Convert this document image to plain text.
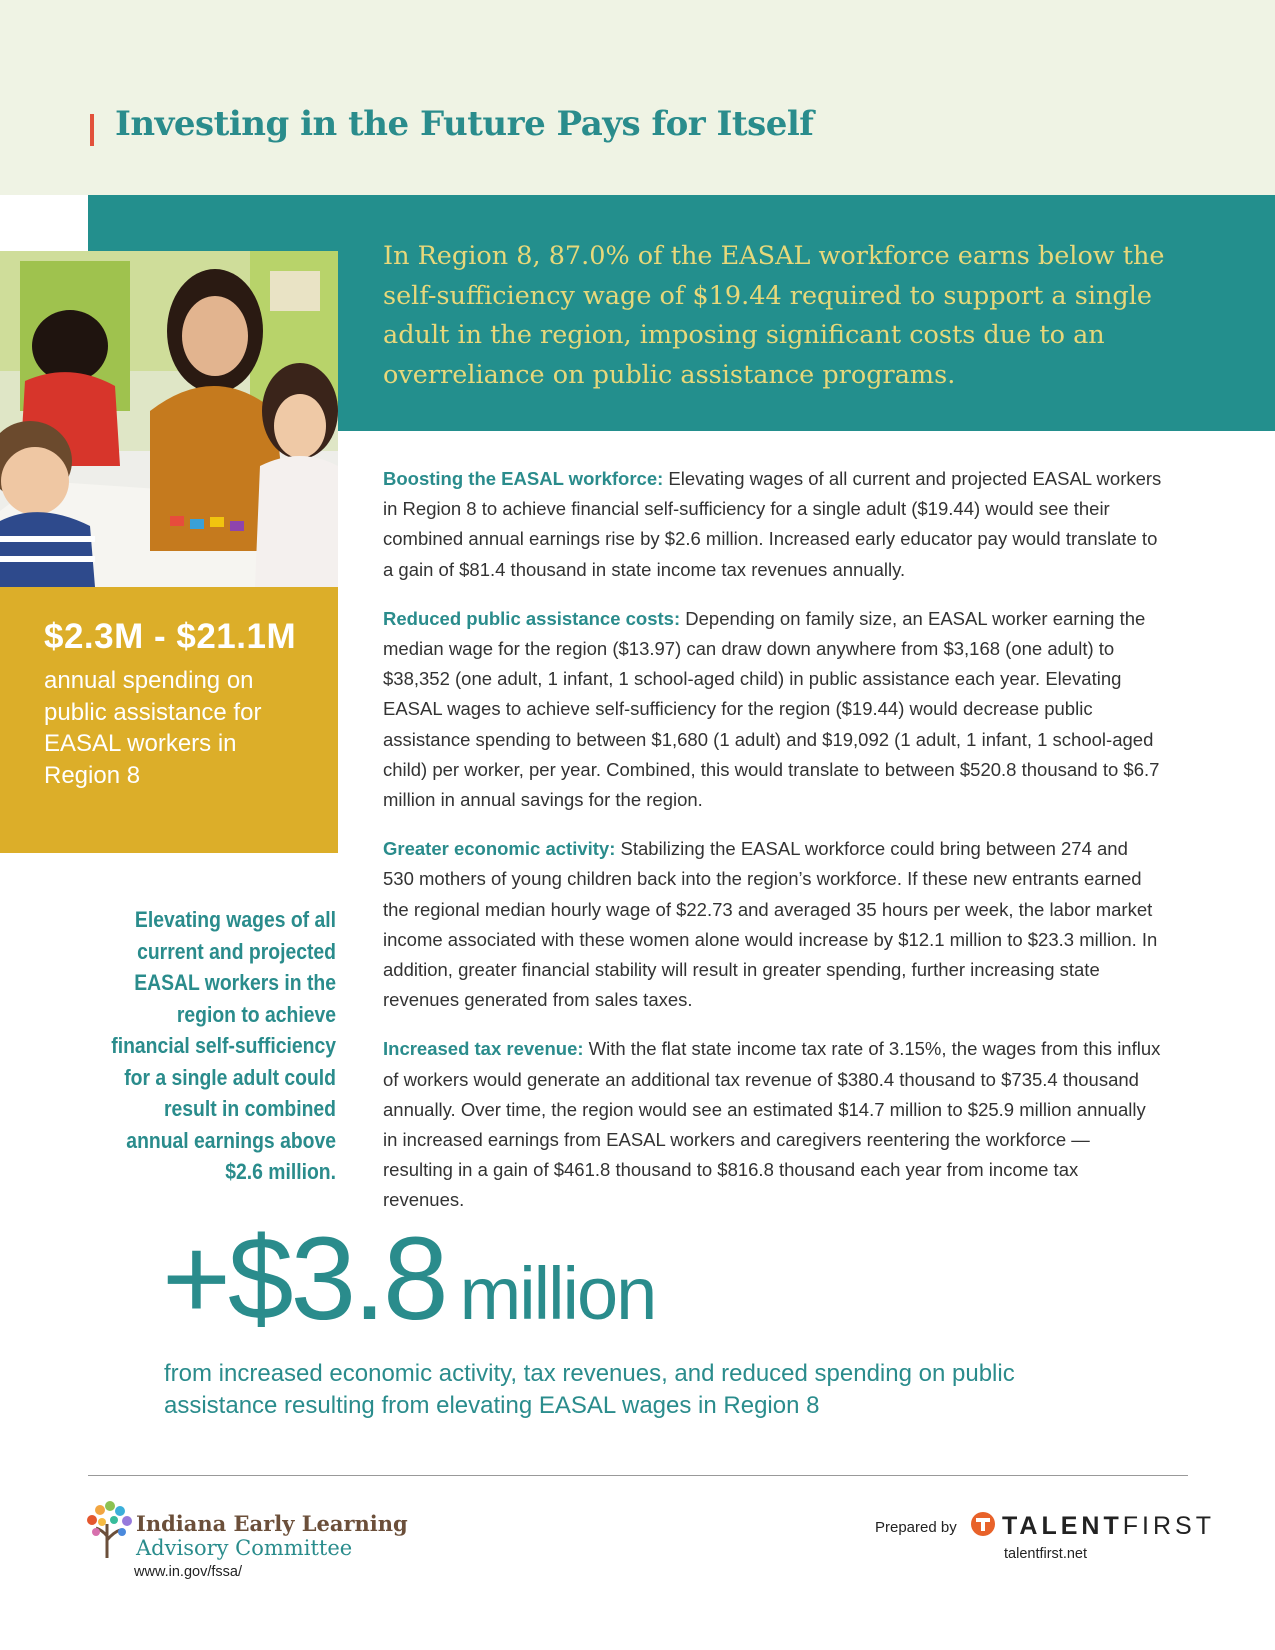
Investing in the Future Pays for Itself

In Region 8, 87.0% of the EASAL workforce earns below the self-sufficiency wage of $19.44 required to support a single adult in the region, imposing significant costs due to an overreliance on public assistance programs.

$2.3M - $21.1M
annual spending on public assistance for EASAL workers in Region 8

Elevating wages of all current and projected EASAL workers in the region to achieve financial self-sufficiency for a single adult could result in combined annual earnings above $2.6 million.

Boosting the EASAL workforce: Elevating wages of all current and projected EASAL workers in Region 8 to achieve financial self-sufficiency for a single adult ($19.44) would see their combined annual earnings rise by $2.6 million. Increased early educator pay would translate to a gain of $81.4 thousand in state income tax revenues annually.

Reduced public assistance costs: Depending on family size, an EASAL worker earning the median wage for the region ($13.97) can draw down anywhere from $3,168 (one adult) to $38,352 (one adult, 1 infant, 1 school-aged child) in public assistance each year. Elevating EASAL wages to achieve self-sufficiency for the region ($19.44) would decrease public assistance spending to between $1,680 (1 adult) and $19,092 (1 adult, 1 infant, 1 school-aged child) per worker, per year. Combined, this would translate to between $520.8 thousand to $6.7 million in annual savings for the region.

Greater economic activity: Stabilizing the EASAL workforce could bring between 274 and 530 mothers of young children back into the region’s workforce. If these new entrants earned the regional median hourly wage of $22.73 and averaged 35 hours per week, the labor market income associated with these women alone would increase by $12.1 million to $23.3 million. In addition, greater financial stability will result in greater spending, further increasing state revenues generated from sales taxes.

Increased tax revenue: With the flat state income tax rate of 3.15%, the wages from this influx of workers would generate an additional tax revenue of $380.4 thousand to $735.4 thousand annually. Over time, the region would see an estimated $14.7 million to $25.9 million annually in increased earnings from EASAL workers and caregivers reentering the workforce — resulting in a gain of $461.8 thousand to $816.8 thousand each year from income tax revenues.

+$3.8 million

from increased economic activity, tax revenues, and reduced spending on public assistance resulting from elevating EASAL wages in Region 8

Indiana Early Learning
Advisory Committee
www.in.gov/fssa/
Prepared by TALENTFIRST
talentfirst.net
